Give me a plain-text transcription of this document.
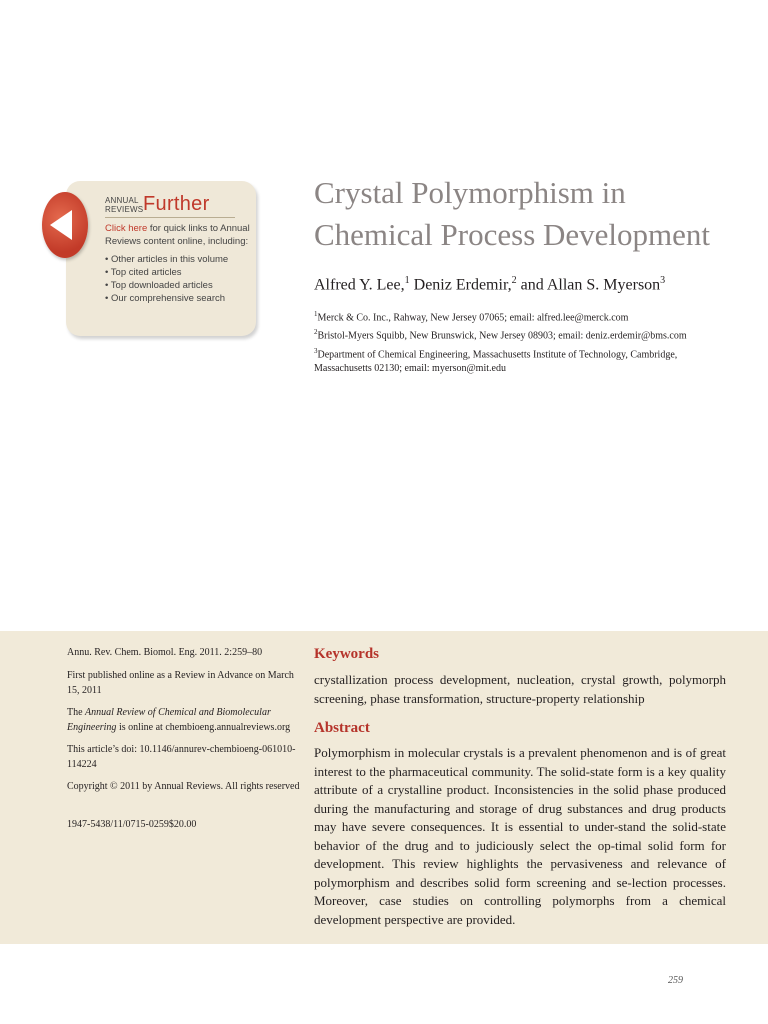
ANNUAL
REVIEWS Further
Click here for quick links to Annual Reviews content online, including:
• Other articles in this volume
• Top cited articles
• Top downloaded articles
• Our comprehensive search
Crystal Polymorphism in Chemical Process Development
Alfred Y. Lee,$^1$ Deniz Erdemir,$^2$ and Allan S. Myerson$^3$
$^1$Merck & Co. Inc., Rahway, New Jersey 07065; email: alfred.lee@merck.com
$^2$Bristol-Myers Squibb, New Brunswick, New Jersey 08903; email: deniz.erdemir@bms.com
$^3$Department of Chemical Engineering, Massachusetts Institute of Technology, Cambridge, Massachusetts 02130; email: myerson@mit.edu
Annu. Rev. Chem. Biomol. Eng. 2011. 2:259–80
First published online as a Review in Advance on March 15, 2011
The Annual Review of Chemical and Biomolecular Engineering is online at chembioeng.annualreviews.org
This article’s doi: 10.1146/annurev-chembioeng-061010-114224
Copyright © 2011 by Annual Reviews. All rights reserved
1947-5438/11/0715-0259$20.00
Keywords

crystallization process development, nucleation, crystal growth, polymorph screening, phase transformation, structure-property relationship

Abstract

Polymorphism in molecular crystals is a prevalent phenomenon and is of great interest to the pharmaceutical community. The solid-state form is a key quality attribute of a crystalline product. Inconsistencies in the solid phase produced during the manufacturing and storage of drug substances and drug products may have severe consequences. It is essential to under-stand the solid-state behavior of the drug and to judiciously select the op-timal solid form for development. This review highlights the pervasiveness and relevance of polymorphism and describes solid form screening and se-lection processes. Moreover, case studies on controlling polymorphs from a chemical development perspective are provided.

259
